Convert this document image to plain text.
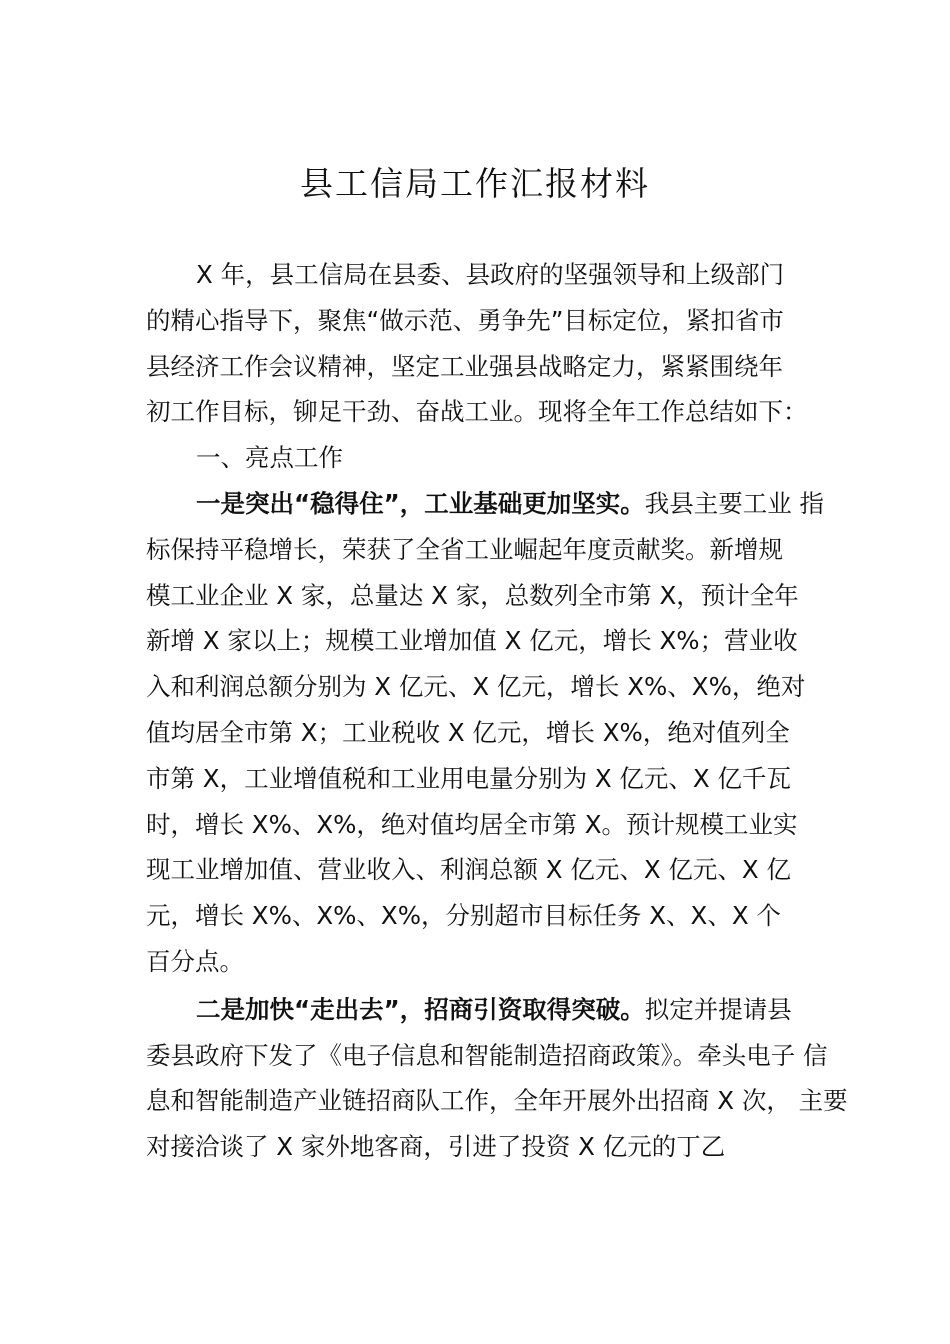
县工信局工作汇报材料
X 年，县工信局在县委、县政府的坚强领导和上级部门
的精心指导下，聚焦“做示范、勇争先”目标定位，紧扣省市
县经济工作会议精神，坚定工业强县战略定力，紧紧围绕年
初工作目标，铆足干劲、奋战工业。现将全年工作总结如下：
一、亮点工作
一是突出“稳得住”，工业基础更加坚实。我县主要工业 指
标保持平稳增长，荣获了全省工业崛起年度贡献奖。新增规
模工业企业 X 家，总量达 X 家，总数列全市第 X，预计全年
新增 X 家以上；规模工业增加值 X 亿元，增长 X%；营业收
入和利润总额分别为 X 亿元、X 亿元，增长 X%、X%，绝对
值均居全市第 X；工业税收 X 亿元，增长 X%，绝对值列全
市第 X，工业增值税和工业用电量分别为 X 亿元、X 亿千瓦
时，增长 X%、X%，绝对值均居全市第 X。预计规模工业实
现工业增加值、营业收入、利润总额 X 亿元、X 亿元、X 亿
元，增长 X%、X%、X%，分别超市目标任务 X、X、X 个
百分点。
二是加快“走出去”，招商引资取得突破。拟定并提请县
委县政府下发了《电子信息和智能制造招商政策》。牵头电子 信
息和智能制造产业链招商队工作，全年开展外出招商 X 次， 主要
对接洽谈了 X 家外地客商，引进了投资 X 亿元的丁乙
